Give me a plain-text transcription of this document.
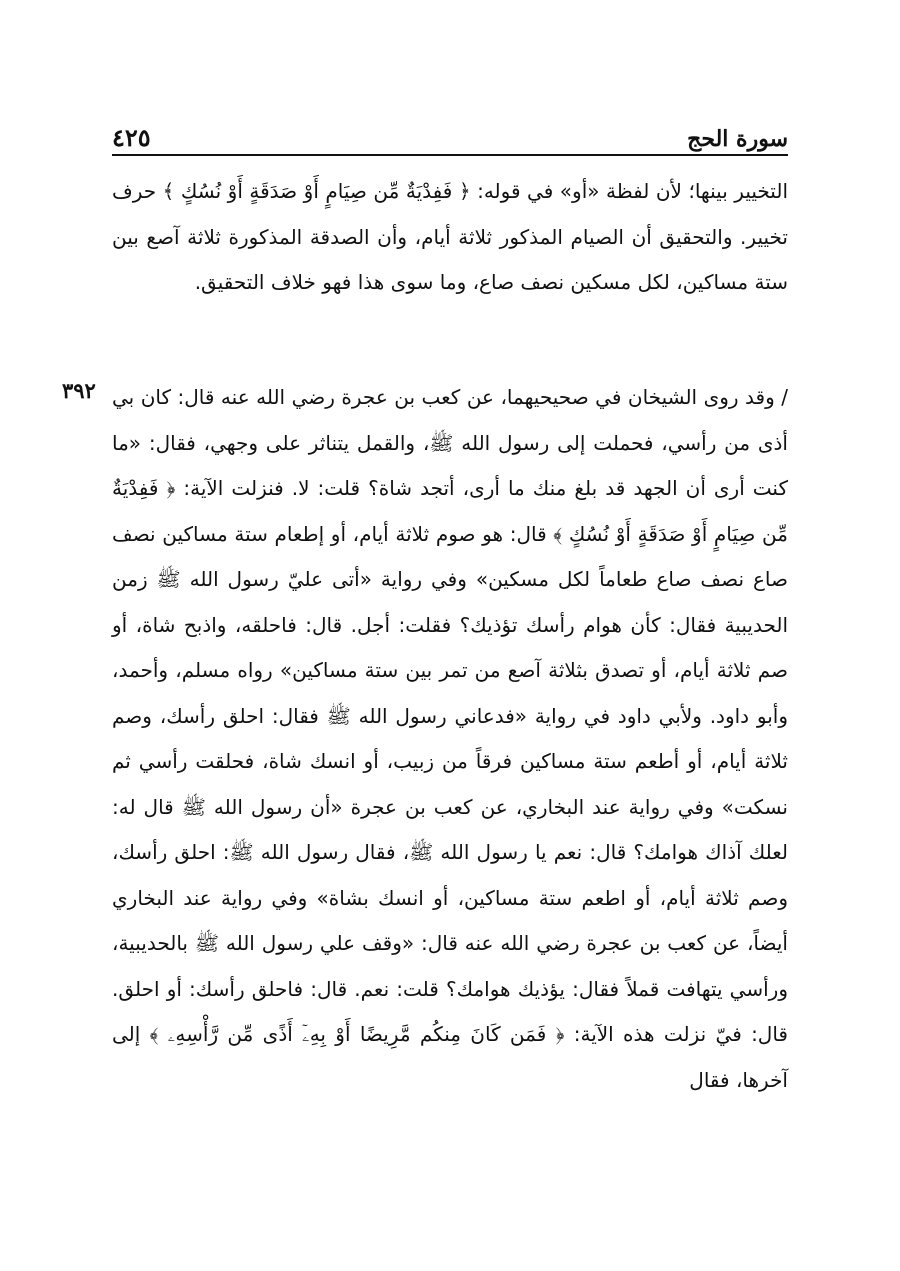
سورة الحج
٤٢٥

التخيير بينها؛ لأن لفظة «أو» في قوله: ﴿ فَفِدْيَةٌ مِّن صِيَامٍ أَوْ صَدَقَةٍ أَوْ نُسُكٍ ﴾ حرف تخيير. والتحقيق أن الصيام المذكور ثلاثة أيام، وأن الصدقة المذكورة ثلاثة آصع بين ستة مساكين، لكل مسكين نصف صاع، وما سوى هذا فهو خلاف التحقيق.

٣٩٢ / وقد روى الشيخان في صحيحيهما، عن كعب بن عجرة رضي الله عنه قال: كان بي أذى من رأسي، فحملت إلى رسول الله ﷺ، والقمل يتناثر على وجهي، فقال: «ما كنت أرى أن الجهد قد بلغ منك ما أرى، أتجد شاة؟ قلت: لا. فنزلت الآية: ﴿ فَفِدْيَةٌ مِّن صِيَامٍ أَوْ صَدَقَةٍ أَوْ نُسُكٍ ﴾ قال: هو صوم ثلاثة أيام، أو إطعام ستة مساكين نصف صاع نصف صاع طعاماً لكل مسكين» وفي رواية «أتى عليّ رسول الله ﷺ زمن الحديبية فقال: كأن هوام رأسك تؤذيك؟ فقلت: أجل. قال: فاحلقه، واذبح شاة، أو صم ثلاثة أيام، أو تصدق بثلاثة آصع من تمر بين ستة مساكين» رواه مسلم، وأحمد، وأبو داود. ولأبي داود في رواية «فدعاني رسول الله ﷺ فقال: احلق رأسك، وصم ثلاثة أيام، أو أطعم ستة مساكين فرقاً من زبيب، أو انسك شاة، فحلقت رأسي ثم نسكت» وفي رواية عند البخاري، عن كعب بن عجرة «أن رسول الله ﷺ قال له: لعلك آذاك هوامك؟ قال: نعم يا رسول الله ﷺ، فقال رسول الله ﷺ: احلق رأسك، وصم ثلاثة أيام، أو اطعم ستة مساكين، أو انسك بشاة» وفي رواية عند البخاري أيضاً، عن كعب بن عجرة رضي الله عنه قال: «وقف علي رسول الله ﷺ بالحديبية، ورأسي يتهافت قملاً فقال: يؤذيك هوامك؟ قلت: نعم. قال: فاحلق رأسك: أو احلق. قال: فيّ نزلت هذه الآية: ﴿ فَمَن كَانَ مِنكُم مَّرِيضًا أَوْ بِهِۦٓ أَذًى مِّن رَّأْسِهِۦ ﴾ إلى آخرها، فقال
